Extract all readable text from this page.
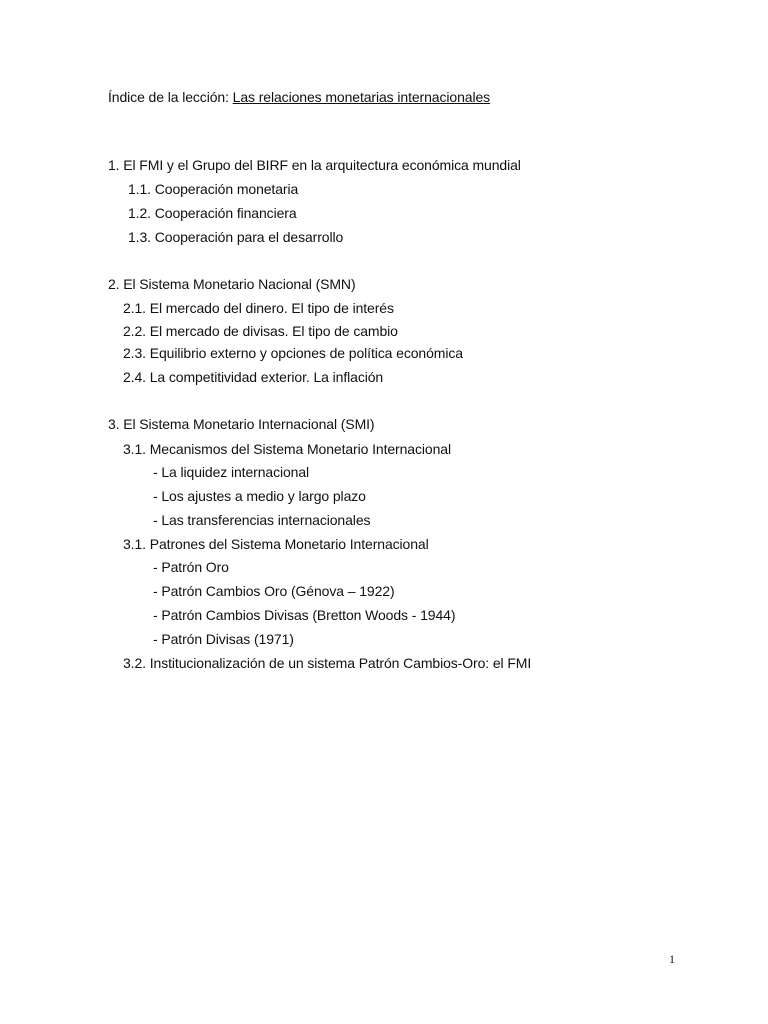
Índice de la lección: Las relaciones monetarias internacionales
1. El FMI y el Grupo del BIRF en la arquitectura económica mundial
1.1. Cooperación monetaria
1.2. Cooperación financiera
1.3. Cooperación para el desarrollo
2. El Sistema Monetario Nacional (SMN)
2.1. El mercado del dinero. El tipo de interés
2.2. El mercado de divisas. El tipo de cambio
2.3. Equilibrio externo y opciones de política económica
2.4. La competitividad exterior. La inflación
3. El Sistema Monetario Internacional (SMI)
3.1. Mecanismos del Sistema Monetario Internacional
- La liquidez internacional
- Los ajustes a medio y largo plazo
- Las transferencias internacionales
3.1. Patrones del Sistema Monetario Internacional
- Patrón Oro
- Patrón Cambios Oro (Génova – 1922)
- Patrón Cambios Divisas (Bretton Woods - 1944)
- Patrón Divisas (1971)
3.2. Institucionalización de un sistema Patrón Cambios-Oro: el FMI
1
